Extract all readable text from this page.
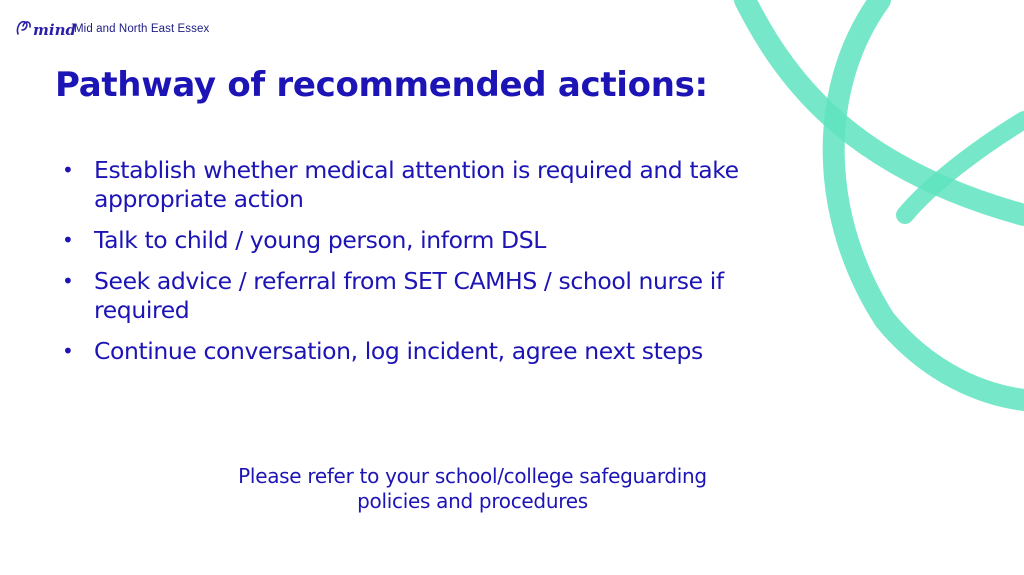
mind
Mid and North East Essex
Pathway of recommended actions:
• Establish whether medical attention is required and take appropriate action
• Talk to child / young person, inform DSL
• Seek advice / referral from SET CAMHS / school nurse if required
• Continue conversation, log incident, agree next steps
Please refer to your school/college safeguarding policies and procedures
